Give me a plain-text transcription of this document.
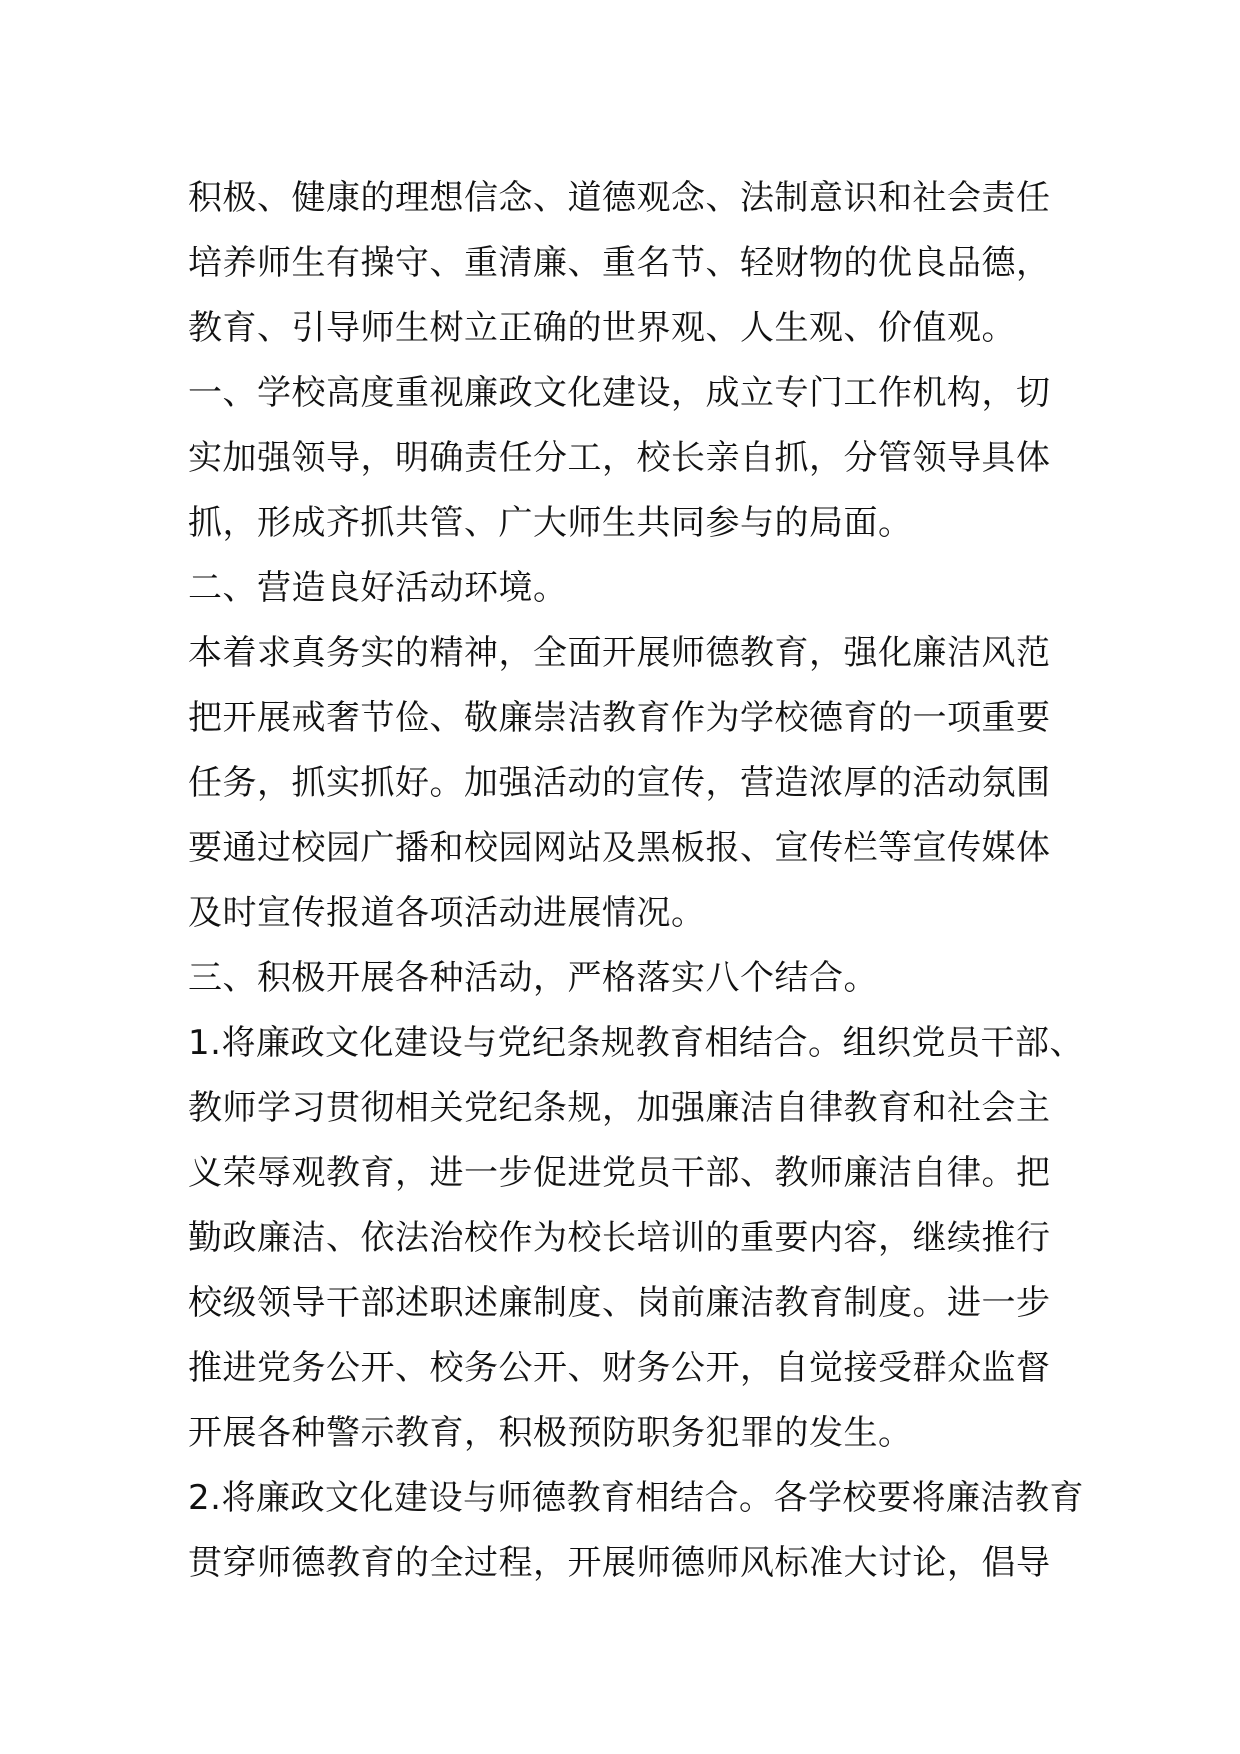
积极、健康的理想信念、道德观念、法制意识和社会责任
培养师生有操守、重清廉、重名节、轻财物的优良品德，
教育、引导师生树立正确的世界观、人生观、价值观。
一、学校高度重视廉政文化建设，成立专门工作机构，切
实加强领导，明确责任分工，校长亲自抓，分管领导具体
抓，形成齐抓共管、广大师生共同参与的局面。
二、营造良好活动环境。
本着求真务实的精神，全面开展师德教育，强化廉洁风范
把开展戒奢节俭、敬廉崇洁教育作为学校德育的一项重要
任务，抓实抓好。加强活动的宣传，营造浓厚的活动氛围
要通过校园广播和校园网站及黑板报、宣传栏等宣传媒体
及时宣传报道各项活动进展情况。
三、积极开展各种活动，严格落实八个结合。
1.将廉政文化建设与党纪条规教育相结合。组织党员干部、
教师学习贯彻相关党纪条规，加强廉洁自律教育和社会主
义荣辱观教育，进一步促进党员干部、教师廉洁自律。把
勤政廉洁、依法治校作为校长培训的重要内容，继续推行
校级领导干部述职述廉制度、岗前廉洁教育制度。进一步
推进党务公开、校务公开、财务公开，自觉接受群众监督
开展各种警示教育，积极预防职务犯罪的发生。
2.将廉政文化建设与师德教育相结合。各学校要将廉洁教育
贯穿师德教育的全过程，开展师德师风标准大讨论，倡导
